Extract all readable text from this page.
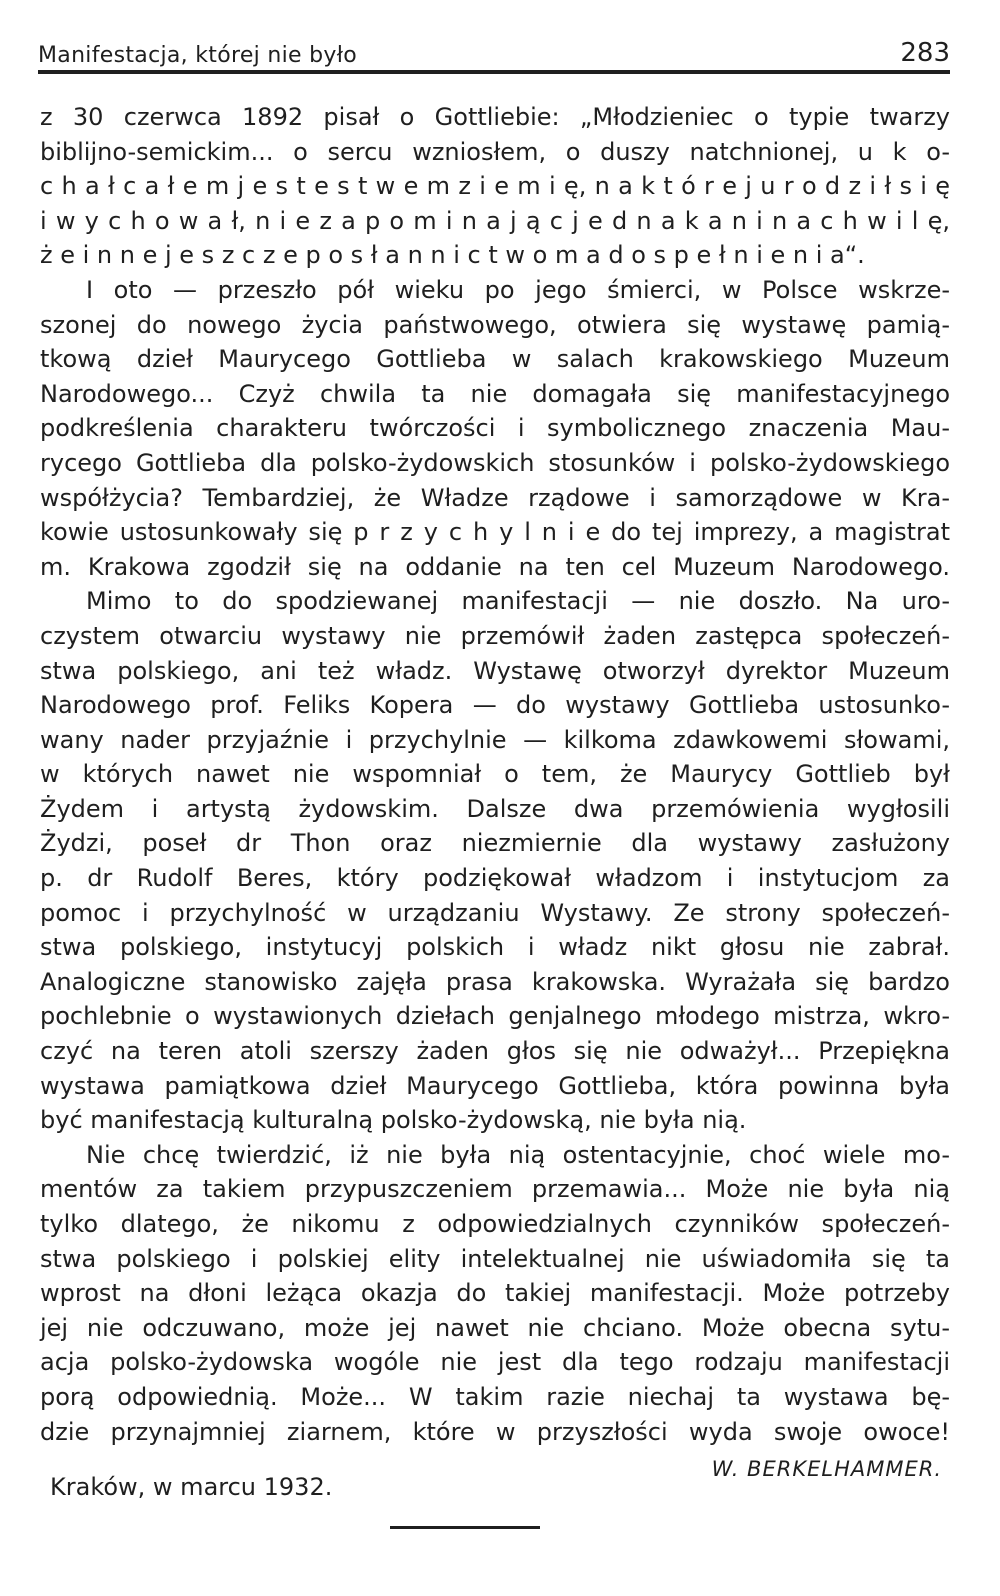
Manifestacja, której nie było	283
z 30 czerwca 1892 pisał o Gottliebie: „Młodzieniec o typie twarzy
biblijno-semickim... o sercu wzniosłem, o duszy natchnionej, u k o-
c h a ł c a ł e m j e s t e s t w e m z i e m i ę, n a k t ó r e j u r o d z i ł s i ę
i w y c h o w a ł, n i e z a p o m i n a j ą c j e d n a k a n i n a c h w i l ę,
ż e i n n e j e s z c z e p o s ł a n n i c t w o m a d o s p e ł n i e n i a“.
I oto — przeszło pół wieku po jego śmierci, w Polsce wskrze-
szonej do nowego życia państwowego, otwiera się wystawę pamią-
tkową dzieł Maurycego Gottlieba w salach krakowskiego Muzeum
Narodowego... Czyż chwila ta nie domagała się manifestacyjnego
podkreślenia charakteru twórczości i symbolicznego znaczenia Mau-
rycego Gottlieba dla polsko-żydowskich stosunków i polsko-żydowskiego
współżycia? Tembardziej, że Władze rządowe i samorządowe w Kra-
kowie ustosunkowały się p r z y c h y l n i e do tej imprezy, a magistrat
m. Krakowa zgodził się na oddanie na ten cel Muzeum Narodowego.
Mimo to do spodziewanej manifestacji — nie doszło. Na uro-
czystem otwarciu wystawy nie przemówił żaden zastępca społeczeń-
stwa polskiego, ani też władz. Wystawę otworzył dyrektor Muzeum
Narodowego prof. Feliks Kopera — do wystawy Gottlieba ustosunko-
wany nader przyjaźnie i przychylnie — kilkoma zdawkowemi słowami,
w których nawet nie wspomniał o tem, że Maurycy Gottlieb był
Żydem i artystą żydowskim. Dalsze dwa przemówienia wygłosili
Żydzi, poseł dr Thon oraz niezmiernie dla wystawy zasłużony
p. dr Rudolf Beres, który podziękował władzom i instytucjom za
pomoc i przychylność w urządzaniu Wystawy. Ze strony społeczeń-
stwa polskiego, instytucyj polskich i władz nikt głosu nie zabrał.
Analogiczne stanowisko zajęła prasa krakowska. Wyrażała się bardzo
pochlebnie o wystawionych dziełach genjalnego młodego mistrza, wkro-
czyć na teren atoli szerszy żaden głos się nie odważył... Przepiękna
wystawa pamiątkowa dzieł Maurycego Gottlieba, która powinna była
być manifestacją kulturalną polsko-żydowską, nie była nią.
Nie chcę twierdzić, iż nie była nią ostentacyjnie, choć wiele mo-
mentów za takiem przypuszczeniem przemawia... Może nie była nią
tylko dlatego, że nikomu z odpowiedzialnych czynników społeczeń-
stwa polskiego i polskiej elity intelektualnej nie uświadomiła się ta
wprost na dłoni leżąca okazja do takiej manifestacji. Może potrzeby
jej nie odczuwano, może jej nawet nie chciano. Może obecna sytu-
acja polsko-żydowska wogóle nie jest dla tego rodzaju manifestacji
porą odpowiednią. Może... W takim razie niechaj ta wystawa bę-
dzie przynajmniej ziarnem, które w przyszłości wyda swoje owoce!
W. BERKELHAMMER.
Kraków, w marcu 1932.
